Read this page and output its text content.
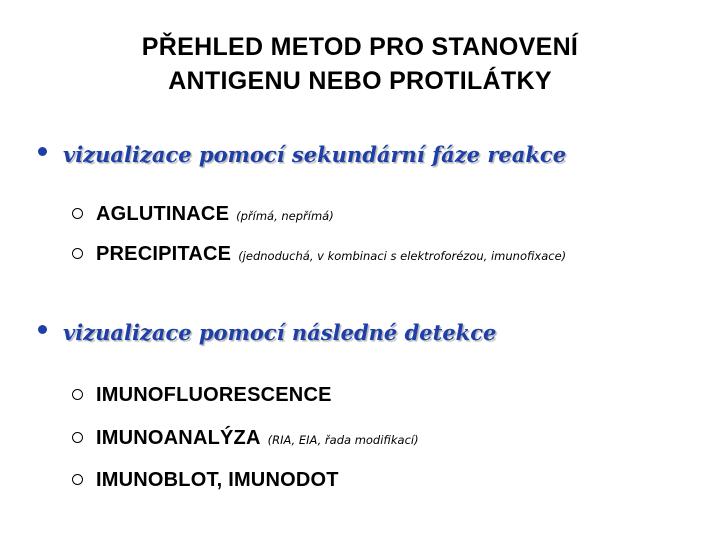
PŘEHLED METOD PRO STANOVENÍ
ANTIGENU NEBO PROTILÁTKY
vizualizace pomocí sekundární fáze reakce
AGLUTINACE (přímá, nepřímá)
PRECIPITACE (jednoduchá, v kombinaci s elektroforézou, imunofixace)
vizualizace pomocí následné detekce
IMUNOFLUORESCENCE
IMUNOANALÝZA (RIA, EIA, řada modifikací)
IMUNOBLOT, IMUNODOT
